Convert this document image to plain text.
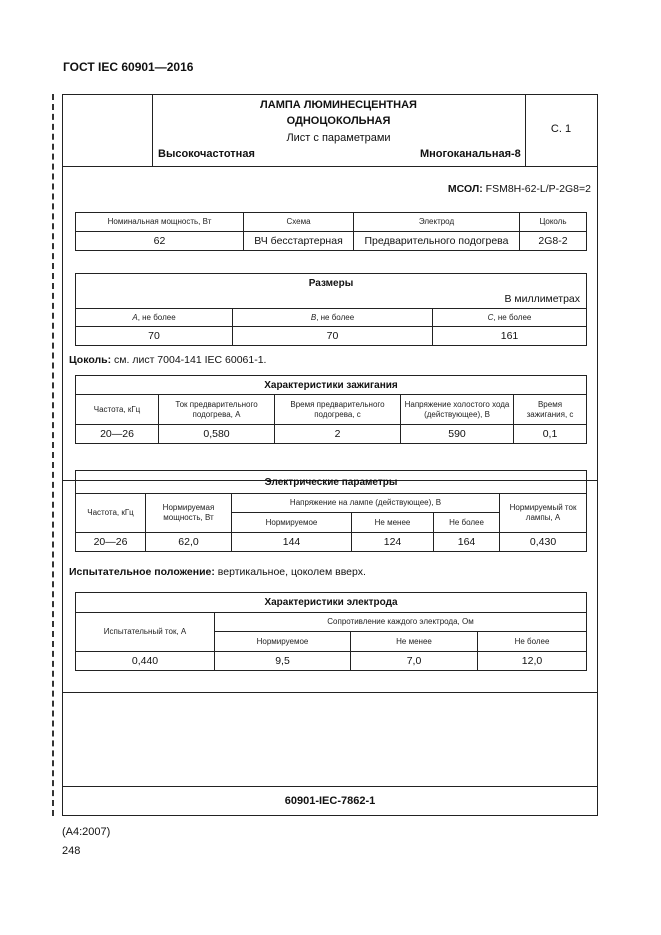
ГОСТ IEC 60901—2016
ЛАМПА ЛЮМИНЕСЦЕНТНАЯ
ОДНОЦОКОЛЬНАЯ
Лист с параметрами
Высокочастотная	Многоканальная-8
С. 1
МСОЛ: FSM8H-62-L/P-2G8=2
Номинальная мощность, Вт	Схема	Электрод	Цоколь
62	ВЧ бесстартерная	Предварительного подогрева	2G8-2
Размеры
В миллиметрах		

A, не более	B, не более	C, не более
70	70	161
Цоколь: см. лист 7004-141 IEC 60061-1.
Характеристики зажигания				
Частота, кГц	Ток предварительного подогрева, А	Время предварительного подогрева, с	Напряжение холостого хода (действующее), В	Время зажигания, с
20—26	0,580	2	590	0,1
Электрические параметры					
Частота, кГц	Нормируемая мощность, Вт	Напряжение на лампе (действующее), В			Нормируемый ток лампы, А
		Нормируемое	Не менее	Не более	
20—26	62,0	144	124	164	0,430
Испытательное положение: вертикальное, цоколем вверх.
Характеристики электрода			
Испытательный ток, А	Сопротивление каждого электрода, Ом		
	Нормируемое	Не менее	Не более
0,440	9,5	7,0	12,0
60901-IEC-7862-1
(A4:2007)
248
